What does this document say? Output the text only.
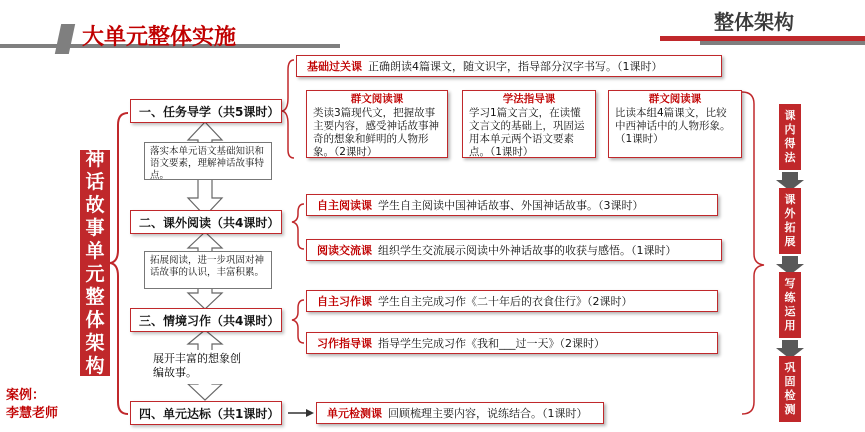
大单元整体实施
整体架构
神
话
故
事
单
元
整
体
架
构
案例：
李慧老师
一、任务导学（共5课时）
二、课外阅读（共4课时）
三、情境习作（共4课时）
四、单元达标（共1课时）
落实本单元语文基础知识和语文要素，理解神话故事特点。
拓展阅读，进一步巩固对神话故事的认识，丰富积累。
展开丰富的想象创编故事。
基础过关课 正确朗读4篇课文，随文识字，指导部分汉字书写。（1课时）
群文阅读课
类读3篇现代文，把握故事主要内容，感受神话故事神奇的想象和鲜明的人物形象。（2课时）
学法指导课
学习1篇文言文，在读懂文言文的基础上，巩固运用本单元两个语文要素点。（1课时）
群文阅读课
比读本组4篇课文，比较中西神话中的人物形象。（1课时）
自主阅读课 学生自主阅读中国神话故事、外国神话故事。（3课时）
阅读交流课 组织学生交流展示阅读中外神话故事的收获与感悟。（1课时）
自主习作课 学生自主完成习作《二十年后的衣食住行》（2课时）
习作指导课 指导学生完成习作《我和___过一天》（2课时）
单元检测课 回顾梳理主要内容，说练结合。（1课时）
课内得法
课外拓展
写练运用
巩固检测
